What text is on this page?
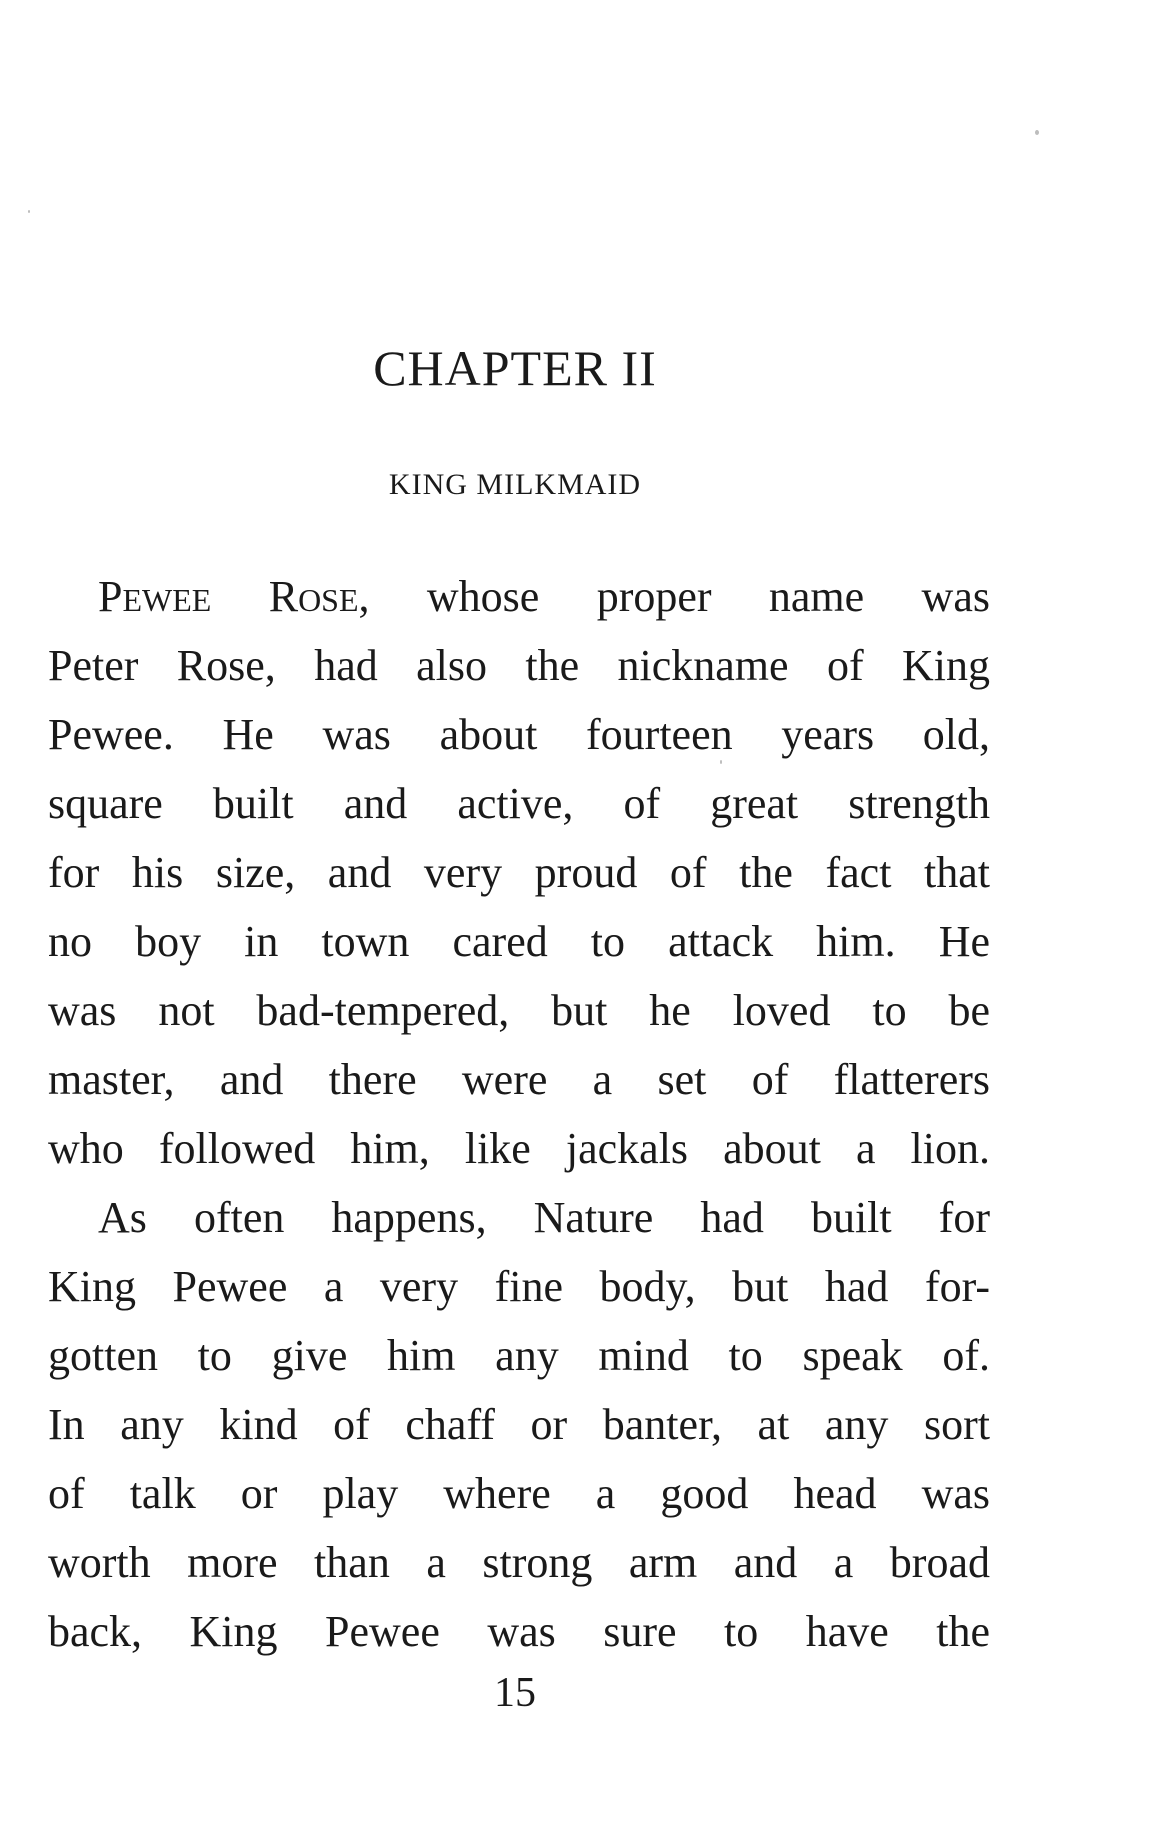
CHAPTER II
KING MILKMAID
PEWEE ROSE, whose proper name was
Peter Rose, had also the nickname of King
Pewee. He was about fourteen years old,
square built and active, of great strength
for his size, and very proud of the fact that
no boy in town cared to attack him. He
was not bad-tempered, but he loved to be
master, and there were a set of flatterers
who followed him, like jackals about a lion.
As often happens, Nature had built for
King Pewee a very fine body, but had for-
gotten to give him any mind to speak of.
In any kind of chaff or banter, at any sort
of talk or play where a good head was
worth more than a strong arm and a broad
back, King Pewee was sure to have the
15
